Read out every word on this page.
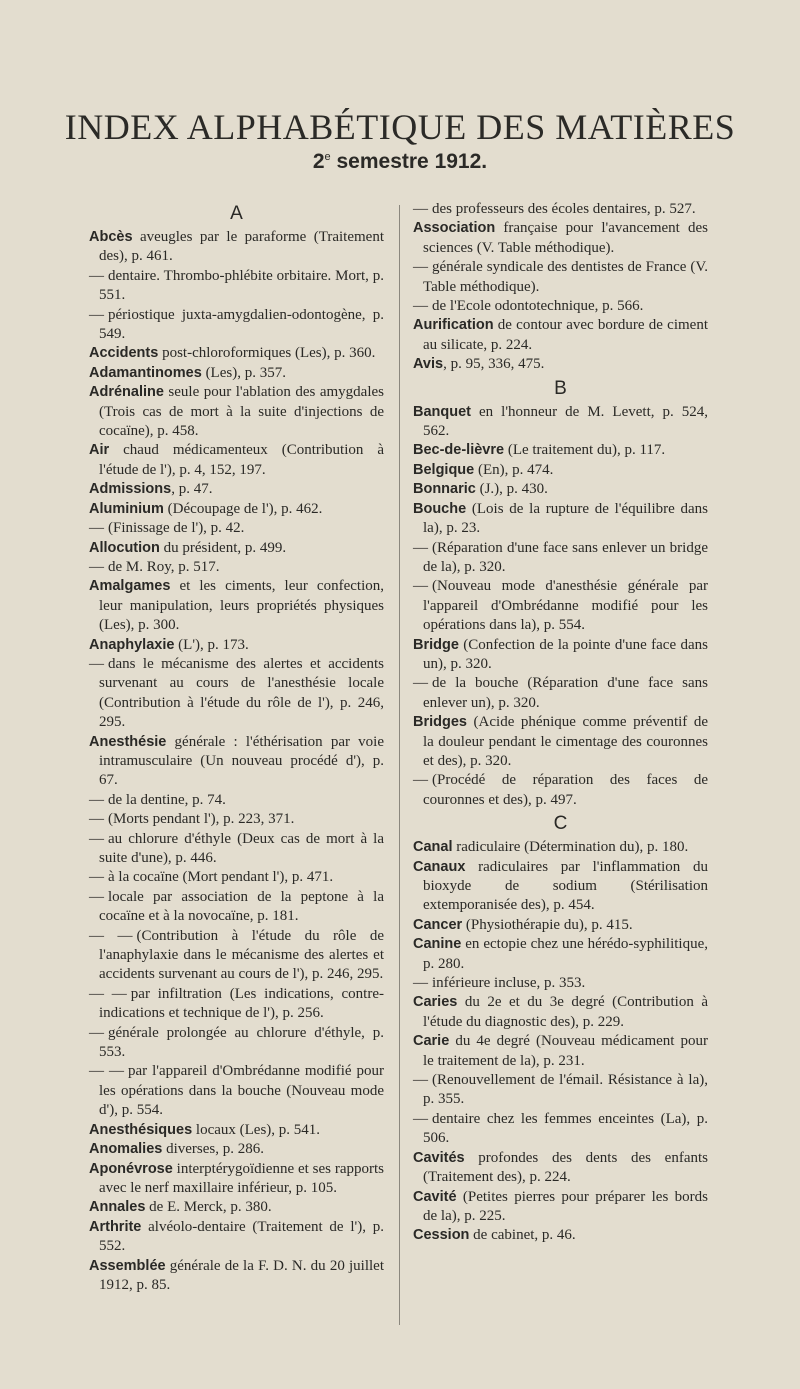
INDEX ALPHABÉTIQUE DES MATIÈRES
2e semestre 1912.
A
Abcès aveugles par le paraforme (Traitement des), p. 461.
— dentaire. Thrombo-phlébite orbitaire. Mort, p. 551.
— périostique juxta-amygdalien-odontogène, p. 549.
Accidents post-chloroformiques (Les), p. 360.
Adamantinomes (Les), p. 357.
Adrénaline seule pour l'ablation des amygdales (Trois cas de mort à la suite d'injections de cocaïne), p. 458.
Air chaud médicamenteux (Contribution à l'étude de l'), p. 4, 152, 197.
Admissions, p. 47.
Aluminium (Découpage de l'), p. 462.
— (Finissage de l'), p. 42.
Allocution du président, p. 499.
— de M. Roy, p. 517.
Amalgames et les ciments, leur confection, leur manipulation, leurs propriétés physiques (Les), p. 300.
Anaphylaxie (L'), p. 173.
— dans le mécanisme des alertes et accidents survenant au cours de l'anesthésie locale (Contribution à l'étude du rôle de l'), p. 246, 295.
Anesthésie générale : l'éthérisation par voie intramusculaire (Un nouveau procédé d'), p. 67.
— de la dentine, p. 74.
— (Morts pendant l'), p. 223, 371.
— au chlorure d'éthyle (Deux cas de mort à la suite d'une), p. 446.
— à la cocaïne (Mort pendant l'), p. 471.
— locale par association de la peptone à la cocaïne et à la novocaïne, p. 181.
— — (Contribution à l'étude du rôle de l'anaphylaxie dans le mécanisme des alertes et accidents survenant au cours de l'), p. 246, 295.
— — par infiltration (Les indications, contre-indications et technique de l'), p. 256.
— générale prolongée au chlorure d'éthyle, p. 553.
— — par l'appareil d'Ombrédanne modifié pour les opérations dans la bouche (Nouveau mode d'), p. 554.
Anesthésiques locaux (Les), p. 541.
Anomalies diverses, p. 286.
Aponévrose interptérygoïdienne et ses rapports avec le nerf maxillaire inférieur, p. 105.
Annales de E. Merck, p. 380.
Arthrite alvéolo-dentaire (Traitement de l'), p. 552.
Assemblée générale de la F. D. N. du 20 juillet 1912, p. 85.
— des professeurs des écoles dentaires, p. 527.
Association française pour l'avancement des sciences (V. Table méthodique).
— générale syndicale des dentistes de France (V. Table méthodique).
— de l'Ecole odontotechnique, p. 566.
Aurification de contour avec bordure de ciment au silicate, p. 224.
Avis, p. 95, 336, 475.
B
Banquet en l'honneur de M. Levett, p. 524, 562.
Bec-de-lièvre (Le traitement du), p. 117.
Belgique (En), p. 474.
Bonnaric (J.), p. 430.
Bouche (Lois de la rupture de l'équilibre dans la), p. 23.
— (Réparation d'une face sans enlever un bridge de la), p. 320.
— (Nouveau mode d'anesthésie générale par l'appareil d'Ombrédanne modifié pour les opérations dans la), p. 554.
Bridge (Confection de la pointe d'une face dans un), p. 320.
— de la bouche (Réparation d'une face sans enlever un), p. 320.
Bridges (Acide phénique comme préventif de la douleur pendant le cimentage des couronnes et des), p. 320.
— (Procédé de réparation des faces de couronnes et des), p. 497.
C
Canal radiculaire (Détermination du), p. 180.
Canaux radiculaires par l'inflammation du bioxyde de sodium (Stérilisation extemporanisée des), p. 454.
Cancer (Physiothérapie du), p. 415.
Canine en ectopie chez une hérédo-syphilitique, p. 280.
— inférieure incluse, p. 353.
Caries du 2e et du 3e degré (Contribution à l'étude du diagnostic des), p. 229.
Carie du 4e degré (Nouveau médicament pour le traitement de la), p. 231.
— (Renouvellement de l'émail. Résistance à la), p. 355.
— dentaire chez les femmes enceintes (La), p. 506.
Cavités profondes des dents des enfants (Traitement des), p. 224.
Cavité (Petites pierres pour préparer les bords de la), p. 225.
Cession de cabinet, p. 46.
